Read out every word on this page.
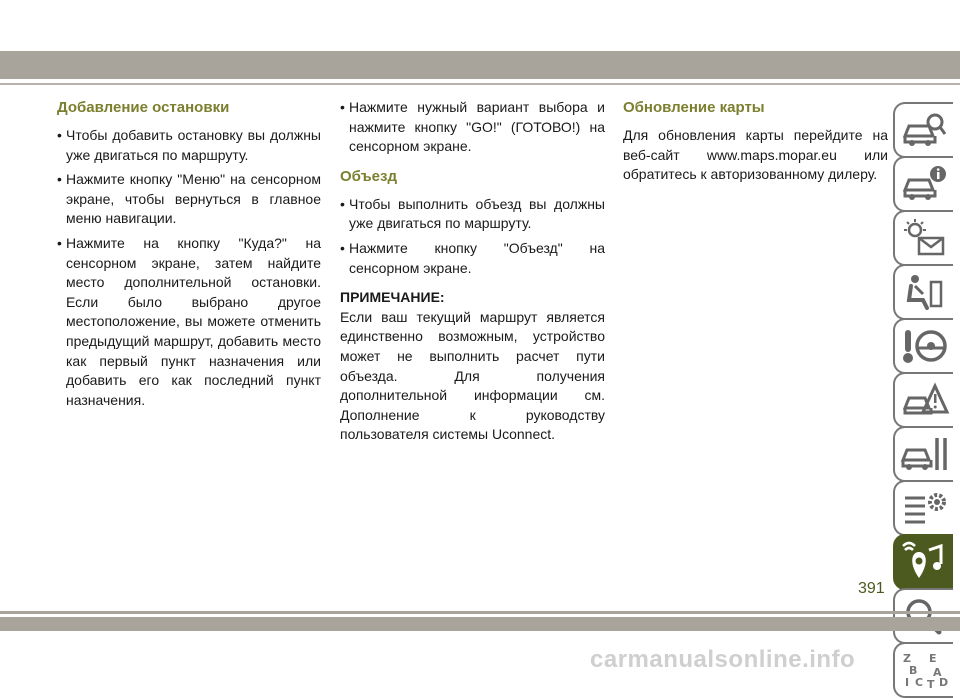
Добавление остановки
• Чтобы добавить остановку вы должны уже двигаться по маршруту.
• Нажмите кнопку "Меню" на сенсорном экране, чтобы вернуться в главное меню навигации.
• Нажмите на кнопку "Куда?" на сенсорном экране, затем найдите место дополнительной остановки. Если было выбрано другое местоположение, вы можете отменить предыдущий маршрут, добавить место как первый пункт назначения или добавить его как последний пункт назначения.
• Нажмите нужный вариант выбора и нажмите кнопку "GO!" (ГОТОВО!) на сенсорном экране.
Объезд
• Чтобы выполнить объезд вы должны уже двигаться по маршруту.
• Нажмите кнопку "Объезд" на сенсорном экране.
ПРИМЕЧАНИЕ:

Если ваш текущий маршрут является единственно возможным, устройство может не выполнить расчет пути объезда. Для получения дополнительной информации см. Дополнение к руководству пользователя системы Uconnect.

Обновление карты

Для обновления карты перейдите на веб-сайт www.maps.mopar.eu или обратитесь к авторизованному дилеру.

Z E
B A
C D
I T
391
carmanualsonline.info
